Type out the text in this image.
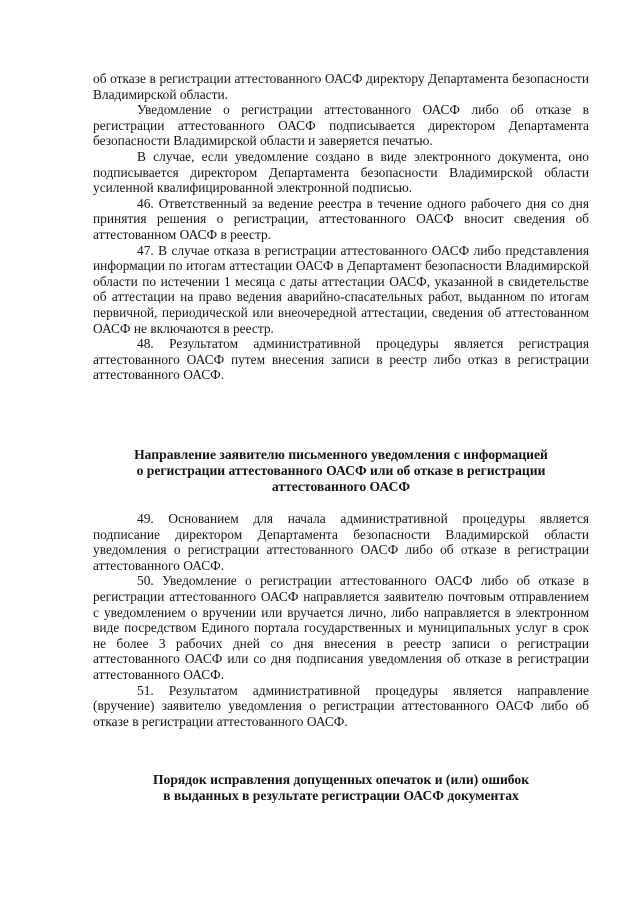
об отказе в регистрации аттестованного ОАСФ директору Департамента безопасности Владимирской области.

Уведомление о регистрации аттестованного ОАСФ либо об отказе в регистрации аттестованного ОАСФ подписывается директором Департамента безопасности Владимирской области и заверяется печатью.

В случае, если уведомление создано в виде электронного документа, оно подписывается директором Департамента безопасности Владимирской области усиленной квалифицированной электронной подписью.

46. Ответственный за ведение реестра в течение одного рабочего дня со дня принятия решения о регистрации, аттестованного ОАСФ вносит сведения об аттестованном ОАСФ в реестр.

47. В случае отказа в регистрации аттестованного ОАСФ либо представления информации по итогам аттестации ОАСФ в Департамент безопасности Владимирской области по истечении 1 месяца с даты аттестации ОАСФ, указанной в свидетельстве об аттестации на право ведения аварийно-спасательных работ, выданном по итогам первичной, периодической или внеочередной аттестации, сведения об аттестованном ОАСФ не включаются в реестр.

48. Результатом административной процедуры является регистрация аттестованного ОАСФ путем внесения записи в реестр либо отказ в регистрации аттестованного ОАСФ.

Направление заявителю письменного уведомления с информацией
о регистрации аттестованного ОАСФ или об отказе в регистрации
аттестованного ОАСФ

49. Основанием для начала административной процедуры является подписание директором Департамента безопасности Владимирской области уведомления о регистрации аттестованного ОАСФ либо об отказе в регистрации аттестованного ОАСФ.

50. Уведомление о регистрации аттестованного ОАСФ либо об отказе в регистрации аттестованного ОАСФ направляется заявителю почтовым отправлением с уведомлением о вручении или вручается лично, либо направляется в электронном виде посредством Единого портала государственных и муниципальных услуг в срок не более 3 рабочих дней со дня внесения в реестр записи о регистрации аттестованного ОАСФ или со дня подписания уведомления об отказе в регистрации аттестованного ОАСФ.

51. Результатом административной процедуры является направление (вручение) заявителю уведомления о регистрации аттестованного ОАСФ либо об отказе в регистрации аттестованного ОАСФ.

Порядок исправления допущенных опечаток и (или) ошибок
в выданных в результате регистрации ОАСФ документах
